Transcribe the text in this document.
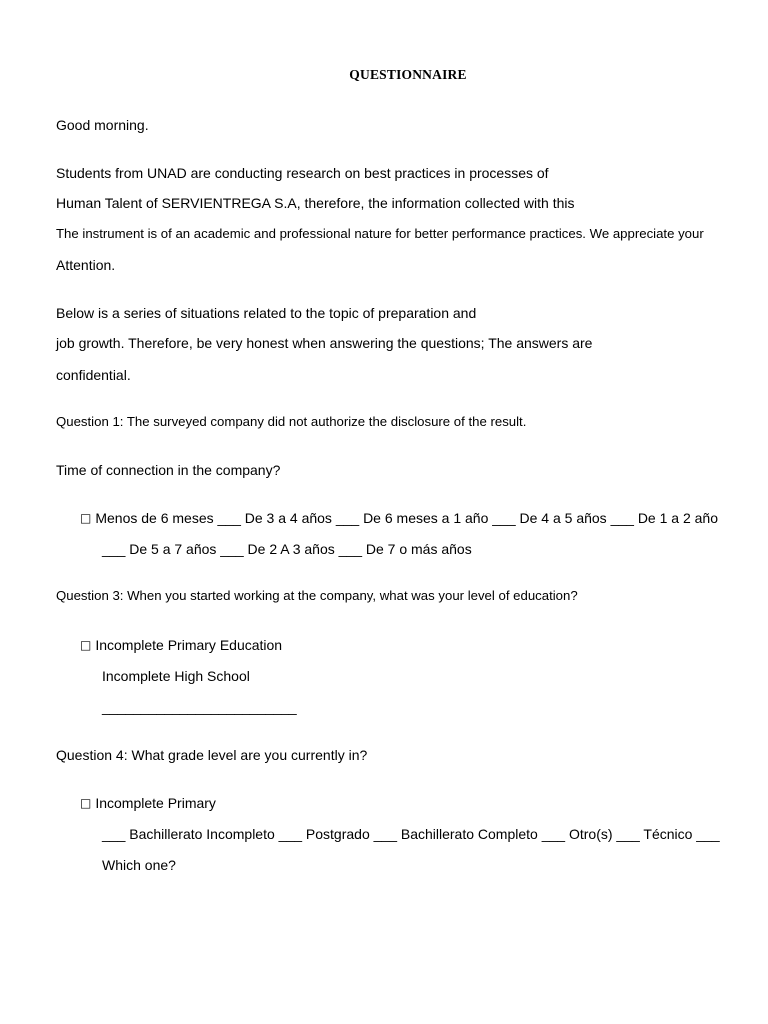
QUESTIONNAIRE
Good morning.
Students from UNAD are conducting research on best practices in processes of
Human Talent of SERVIENTREGA S.A, therefore, the information collected with this
The instrument is of an academic and professional nature for better performance practices. We appreciate your
Attention.
Below is a series of situations related to the topic of preparation and
job growth. Therefore, be very honest when answering the questions; The answers are
confidential.
Question 1: The surveyed company did not authorize the disclosure of the result.
Time of connection in the company?
□ Menos de 6 meses ___ De 3 a 4 años ___ De 6 meses a 1 año ___ De 4 a 5 años ___ De 1 a 2 año
___ De 5 a 7 años ___ De 2 A 3 años ___ De 7 o más años
Question 3: When you started working at the company, what was your level of education?
□ Incomplete Primary Education
Incomplete High School
_________________________
Question 4: What grade level are you currently in?
□ Incomplete Primary
___ Bachillerato Incompleto ___ Postgrado ___ Bachillerato Completo ___ Otro(s) ___ Técnico ___
Which one?
